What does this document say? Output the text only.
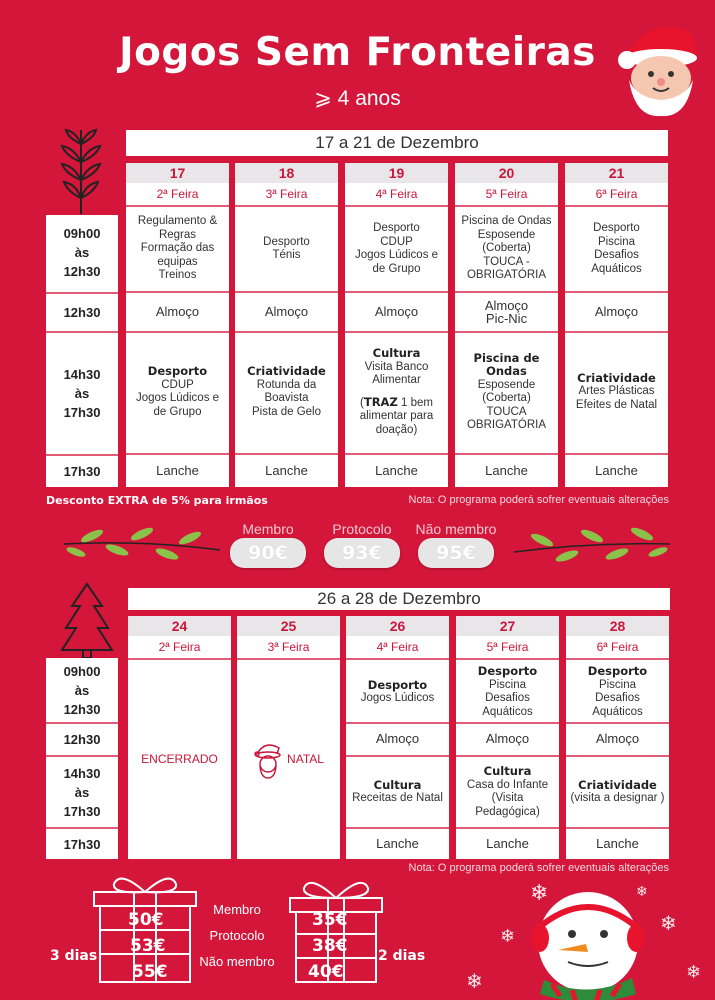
Jogos Sem Fronteiras
⩾ 4 anos
17 a 21 de Dezembro
09h00
às
12h30
12h30
14h30
às
17h30
17h30
17
2ª Feira
Regulamento &
Regras
Formação das
equipas
Treinos
Almoço
Desporto
CDUP
Jogos Lúdicos e
de Grupo
Lanche
18
3ª Feira
Desporto
Ténis
Almoço
Criatividade
Rotunda da
Boavista
Pista de Gelo
Lanche
19
4ª Feira
Desporto
CDUP
Jogos Lúdicos e
de Grupo
Almoço
Cultura
Visita Banco
Alimentar
(TRAZ 1 bem
alimentar para
doação)
Lanche
20
5ª Feira
Piscina de Ondas
Esposende
(Coberta)
TOUCA -
OBRIGATÓRIA
Almoço
Pic-Nic
Piscina de Ondas
Esposende
(Coberta)
TOUCA
OBRIGATÓRIA
Lanche
21
6ª Feira
Desporto
Piscina
Desafios Aquáticos
Almoço
Criatividade
Artes Plásticas
Efeites de Natal
Lanche
Desconto EXTRA de 5% para irmãos	Nota: O programa poderá sofrer eventuais alterações
Membro
90€
Protocolo
93€
Não membro
95€
26 a 28 de Dezembro
09h00
às
12h30
12h30
14h30
às
17h30
17h30
24
2ª Feira
ENCERRADO
25
3ª Feira
NATAL
26
4ª Feira
Desporto
Jogos Lúdicos
Almoço
Cultura
Receitas de Natal
Lanche
27
5ª Feira
Desporto
Piscina
Desafios Aquáticos
Almoço
Cultura
Casa do Infante
(Visita Pedagógica)
Lanche
28
6ª Feira
Desporto
Piscina
Desafios Aquáticos
Almoço
Criatividade
(visita a designar )
Lanche
Nota: O programa poderá sofrer eventuais alterações
50€
53€
55€
35€
38€
40€
Membro
Protocolo
Não membro
3 dias	2 dias
❄
❄
❄
❄
❄
❄
